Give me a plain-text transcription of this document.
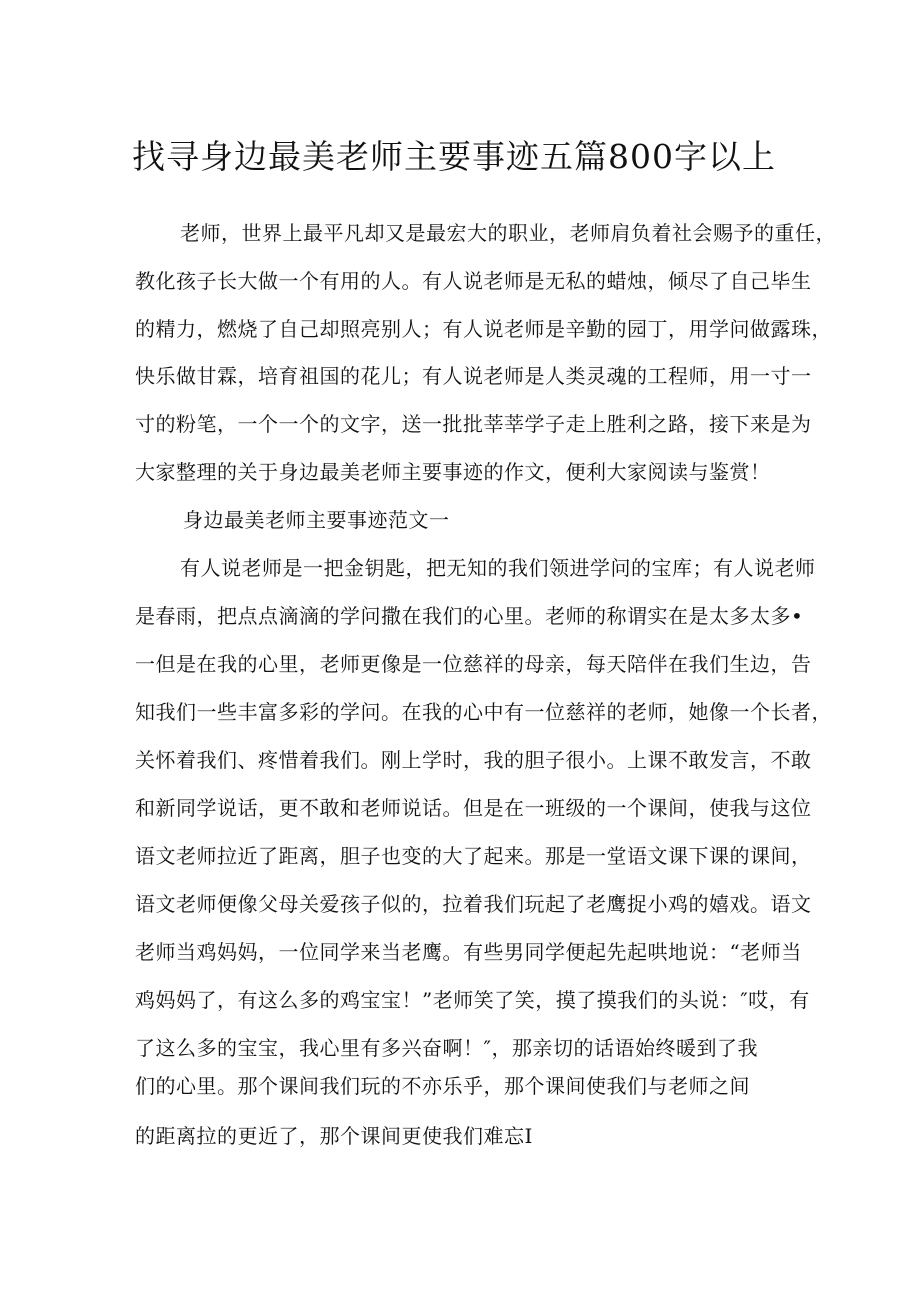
找寻身边最美老师主要事迹五篇800字以上

老师，世界上最平凡却又是最宏大的职业，老师肩负着社会赐予的重任，

教化孩子长大做一个有用的人。有人说老师是无私的蜡烛，倾尽了自己毕生

的精力，燃烧了自己却照亮别人；有人说老师是辛勤的园丁，用学问做露珠，

快乐做甘霖，培育祖国的花儿；有人说老师是人类灵魂的工程师，用一寸一

寸的粉笔，一个一个的文字，送一批批莘莘学子走上胜利之路，接下来是为

大家整理的关于身边最美老师主要事迹的作文，便利大家阅读与鉴赏！

身边最美老师主要事迹范文一

有人说老师是一把金钥匙，把无知的我们领进学问的宝库；有人说老师

是春雨，把点点滴滴的学问撒在我们的心里。老师的称谓实在是太多太多•

一但是在我的心里，老师更像是一位慈祥的母亲，每天陪伴在我们生边，告

知我们一些丰富多彩的学问。在我的心中有一位慈祥的老师，她像一个长者，

关怀着我们、疼惜着我们。刚上学时，我的胆子很小。上课不敢发言，不敢

和新同学说话，更不敢和老师说话。但是在一班级的一个课间，使我与这位

语文老师拉近了距离，胆子也变的大了起来。那是一堂语文课下课的课间，

语文老师便像父母关爱孩子似的，拉着我们玩起了老鹰捉小鸡的嬉戏。语文

老师当鸡妈妈，一位同学来当老鹰。有些男同学便起先起哄地说：“老师当

鸡妈妈了，有这么多的鸡宝宝！”老师笑了笑，摸了摸我们的头说：″哎，有

了这么多的宝宝，我心里有多兴奋啊！″，那亲切的话语始终暖到了我

们的心里。那个课间我们玩的不亦乐乎，那个课间使我们与老师之间

的距离拉的更近了，那个课间更使我们难忘I
